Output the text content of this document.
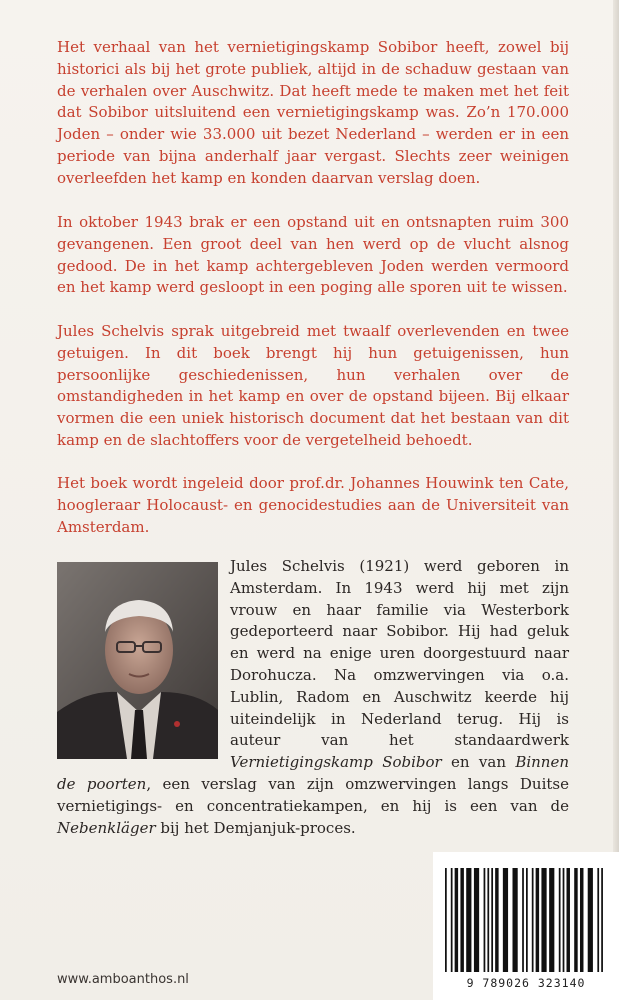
Het verhaal van het vernietigingskamp Sobibor heeft, zowel bij historici als bij het grote publiek, altijd in de schaduw gestaan van de verhalen over Auschwitz. Dat heeft mede te maken met het feit dat Sobibor uitsluitend een vernietigingskamp was. Zo’n 170.000 Joden – onder wie 33.000 uit bezet Nederland – werden er in een periode van bijna anderhalf jaar vergast. Slechts zeer weinigen overleefden het kamp en konden daarvan verslag doen.

In oktober 1943 brak er een opstand uit en ontsnapten ruim 300 gevangenen. Een groot deel van hen werd op de vlucht alsnog gedood. De in het kamp achtergebleven Joden werden vermoord en het kamp werd gesloopt in een poging alle sporen uit te wissen.

Jules Schelvis sprak uitgebreid met twaalf overlevenden en twee getuigen. In dit boek brengt hij hun getuigenissen, hun persoonlijke geschiedenissen, hun verhalen over de omstandigheden in het kamp en over de opstand bijeen. Bij elkaar vormen die een uniek historisch document dat het bestaan van dit kamp en de slachtoffers voor de vergetelheid behoedt.

Het boek wordt ingeleid door prof.dr. Johannes Houwink ten Cate, hoogleraar Holocaust- en genocidestudies aan de Universiteit van Amsterdam.

Jules Schelvis (1921) werd geboren in Amsterdam. In 1943 werd hij met zijn vrouw en haar familie via Westerbork gedeporteerd naar Sobibor. Hij had geluk en werd na enige uren doorgestuurd naar Dorohucza. Na omzwervingen via o.a. Lublin, Radom en Auschwitz keerde hij uiteindelijk in Nederland terug. Hij is auteur van het standaardwerk Vernietigingskamp Sobibor en van Binnen de poorten, een verslag van zijn omzwervingen langs Duitse vernietigings- en concentratiekampen, en hij is een van de Nebenkläger bij het Demjanjuk-proces.

9 789026 323140
www.amboanthos.nl
